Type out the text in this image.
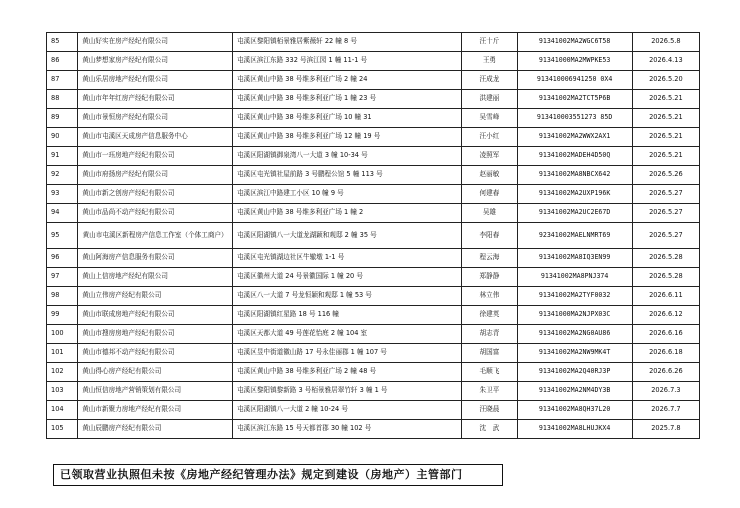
85	黄山好实在房产经纪有限公司	屯溪区黎阳镇栢景雅居紫薇轩 22 幢 8 号	汪十斤	91341002MA2WGC6T58	2026.5.8
86	黄山梦想家房产经纪有限公司	屯溪区滨江东路 332 号滨江园 1 幢 11-1 号	王勇	91341000MA2MWPKE53	2026.4.13
87	黄山乐居房地产经纪有限公司	屯溪区黄山中路 38 号维多利亚广场 2 幢 24	汪成龙	913410006941250 0X4	2026.5.20
88	黄山市年年红房产经纪有限公司	屯溪区黄山中路 38 号维多利亚广场 1 幢 23 号	洪建丽	91341002MA2TCT5P6B	2026.5.21
89	黄山市景恒房产经纪有限公司	屯溪区黄山中路 38 号维多利亚广场 10 幢 31	吴雪峰	913410003551273 85D	2026.5.21
90	黄山市屯溪区天成房产信息服务中心	屯溪区黄山中路 38 号维多利亚广场 12 幢 19 号	汪小红	91341002MA2WWX2AX1	2026.5.21
91	黄山市一珏房地产经纪有限公司	屯溪区阳湖镇御泉湾八一大道 3 幢 10-34 号	凌照军	91341002MADEH4D50Q	2026.5.21
92	黄山市府扬房产经纪有限公司	屯溪区屯光镇社屋前路 3 号鹏程公馆 5 幢 113 号	赵丽敏	91341002MA8NBCX642	2026.5.26
93	黄山市新之创房产经纪有限公司	屯溪区滨江中路建工小区 10 幢 9 号	何建春	91341002MA2UXP196K	2026.5.27
94	黄山市品尚不动产经纪有限公司	屯溪区黄山中路 38 号维多利亚广场 1 幢 2	吴雄	91341002MA2UC2E67D	2026.5.27
95	黄山市屯溪区新程房产信息工作室（个体工商户）	屯溪区阳湖镇八一大道龙湖颖和观邸 2 幢 35 号	李阳春	92341002MAELNMRT69	2026.5.27
96	黄山阿海房产信息服务有限公司	屯溪区屯光镇湖边社区牛辙墩 1-1 号	程云海	91341002MA8IQ3EN99	2026.5.28
97	黄山上信房地产经纪有限公司	屯溪区徽州大道 24 号景徽国际 1 幢 20 号	郑静静	91341002MA8PNJ374	2026.5.28
98	黄山立伟房产经纪有限公司	屯溪区八一大道 7 号龙恒颖和观邸 1 幢 53 号	林立伟	91341002MA2TYF0032	2026.6.11
99	黄山市联成房地产经纪有限公司	屯溪区阳湖镇红星路 18 号 116 幢	徐建英	91341000MA2NJPX03C	2026.6.12
100	黄山市搜房房地产经纪有限公司	屯溪区天都大道 49 号莲花怡庭 2 幢 104 室	胡志青	91341002MA2NG0AU86	2026.6.16
101	黄山市德邦不动产经纪有限公司	屯溪区昱中街道徽山路 17 号永佳丽郡 1 幢 107 号	胡国富	91341002MA2NW9MK4T	2026.6.18
102	黄山得心房产经纪有限公司	屯溪区黄山中路 38 号维多利亚广场 2 幢 48 号	毛顺飞	91341002MA2Q40RJ3P	2026.6.26
103	黄山恒信房地产营销策划有限公司	屯溪区黎阳镇黎新路 3 号栢景雅居翠竹轩 3 幢 1 号	朱卫平	91341002MA2NM4DY3B	2026.7.3
104	黄山市新聚力房地产经纪有限公司	屯溪区阳湖镇八一大道 2 幢 10-24 号	汪晓晨	91341002MA8QH37L20	2026.7.7
105	黄山辰鹏房产经纪有限公司	屯溪区滨江东路 15 号天都首郡 30 幢 102 号	沈　武	91341002MA8LHUJKX4	2025.7.8
已领取营业执照但未按《房地产经纪管理办法》规定到建设（房地产）主管部门
